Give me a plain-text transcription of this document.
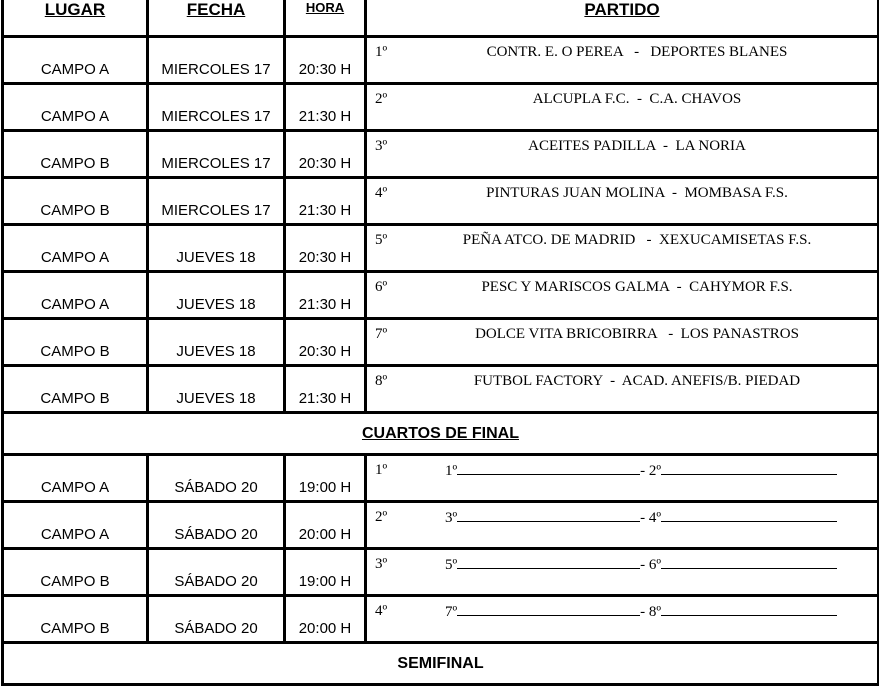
LUGAR	FECHA	HORA	PARTIDO

CAMPO A	MIERCOLES 17	20:30 H	1º CONTR. E. O PEREA   -   DEPORTES BLANES

CAMPO A	MIERCOLES 17	21:30 H	2º ALCUPLA F.C.  -  C.A. CHAVOS

CAMPO B	MIERCOLES 17	20:30 H	3º ACEITES PADILLA  -  LA NORIA

CAMPO B	MIERCOLES 17	21:30 H	4º PINTURAS JUAN MOLINA  -  MOMBASA F.S.

CAMPO A	JUEVES 18	20:30 H	5º PEÑA ATCO. DE MADRID   -  XEXUCAMISETAS F.S.

CAMPO A	JUEVES 18	21:30 H	6º PESC Y MARISCOS GALMA  -  CAHYMOR F.S.

CAMPO B	JUEVES 18	20:30 H	7º DOLCE VITA BRICOBIRRA   -  LOS PANASTROS

CAMPO B	JUEVES 18	21:30 H	8º FUTBOL FACTORY  -  ACAD. ANEFIS/B. PIEDAD

CUARTOS DE FINAL			
CAMPO A	SÁBADO 20	19:00 H	1º 1º - 2º

CAMPO A	SÁBADO 20	20:00 H	2º 3º - 4º

CAMPO B	SÁBADO 20	19:00 H	3º 5º - 6º

CAMPO B	SÁBADO 20	20:00 H	4º 7º - 8º

SEMIFINAL			
